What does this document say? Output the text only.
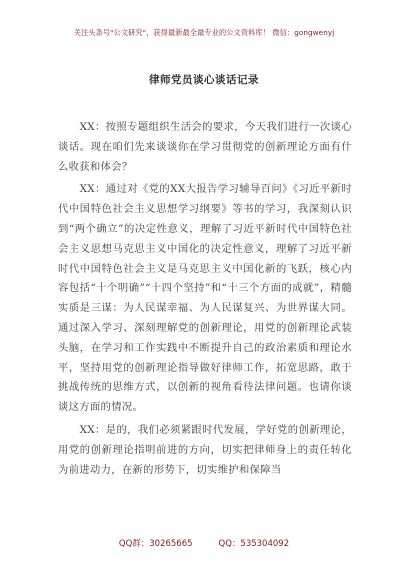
关注头条号"公文研究"，获得最新最全最专业的公文资料库！ 微信：gongwenyj
律师党员谈心谈话记录

XX：按照专题组织生活会的要求，今天我们进行一次谈心谈话。现在咱们先来谈谈你在学习贯彻党的创新理论方面有什么收获和体会？

XX：通过对《党的XX大报告学习辅导百问》《习近平新时代中国特色社会主义思想学习纲要》等书的学习，我深刻认识到“两个确立”的决定性意义，理解了习近平新时代中国特色社会主义思想马克思主义中国化的决定性意义，理解了习近平新时代中国特色社会主义是马克思主义中国化新的飞跃，核心内容包括“十个明确”“十四个坚持”和“十三个方面的成就”，精髓实质是三谋：为人民谋幸福、为人民谋复兴、为世界谋大同。通过深入学习、深刻理解党的创新理论，用党的创新理论武装头脑，在学习和工作实践中不断提升自己的政治素质和理论水平，坚持用党的创新理论指导做好律师工作，拓宽思路，敢于挑战传统的思维方式，以创新的视角看待法律问题。也请你谈谈这方面的情况。

XX：是的，我们必须紧跟时代发展，学好党的创新理论，用党的创新理论指明前进的方向，切实把律师身上的责任转化为前进动力，在新的形势下，切实维护和保障当

QQ群：30265665	QQ：535304092
